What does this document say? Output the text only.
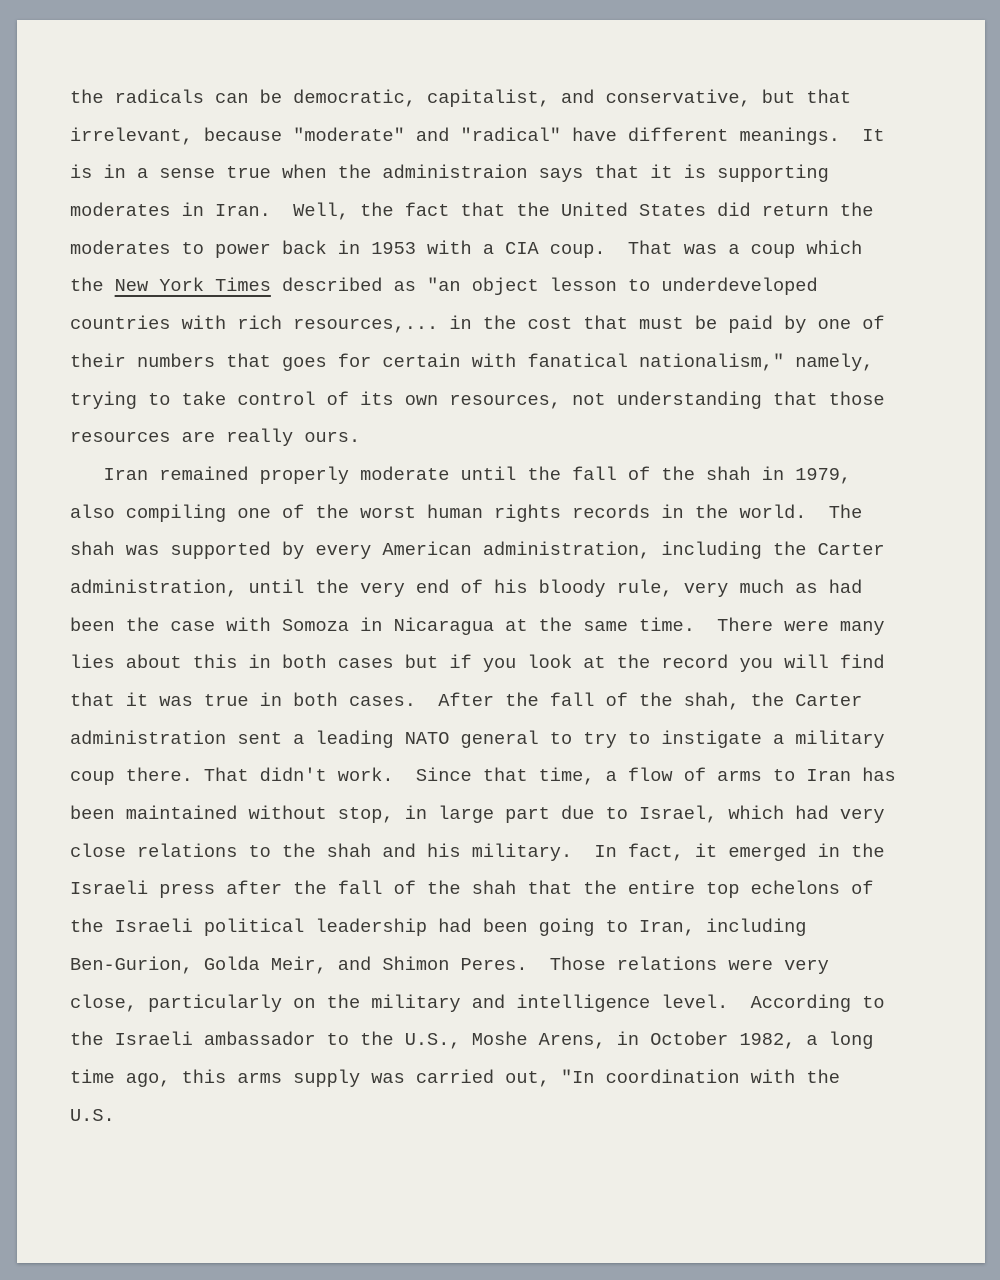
the radicals can be democratic, capitalist, and conservative, but that
irrelevant, because "moderate" and "radical" have different meanings.  It
is in a sense true when the administraion says that it is supporting
moderates in Iran.  Well, the fact that the United States did return the
moderates to power back in 1953 with a CIA coup.  That was a coup which
the New York Times described as "an object lesson to underdeveloped
countries with rich resources,... in the cost that must be paid by one of
their numbers that goes for certain with fanatical nationalism," namely,
trying to take control of its own resources, not understanding that those
resources are really ours.
Iran remained properly moderate until the fall of the shah in 1979,
also compiling one of the worst human rights records in the world.  The
shah was supported by every American administration, including the Carter
administration, until the very end of his bloody rule, very much as had
been the case with Somoza in Nicaragua at the same time.  There were many
lies about this in both cases but if you look at the record you will find
that it was true in both cases.  After the fall of the shah, the Carter
administration sent a leading NATO general to try to instigate a military
coup there. That didn't work.  Since that time, a flow of arms to Iran has
been maintained without stop, in large part due to Israel, which had very
close relations to the shah and his military.  In fact, it emerged in the
Israeli press after the fall of the shah that the entire top echelons of
the Israeli political leadership had been going to Iran, including
Ben-Gurion, Golda Meir, and Shimon Peres.  Those relations were very
close, particularly on the military and intelligence level.  According to
the Israeli ambassador to the U.S., Moshe Arens, in October 1982, a long
time ago, this arms supply was carried out, "In coordination with the
U.S.
